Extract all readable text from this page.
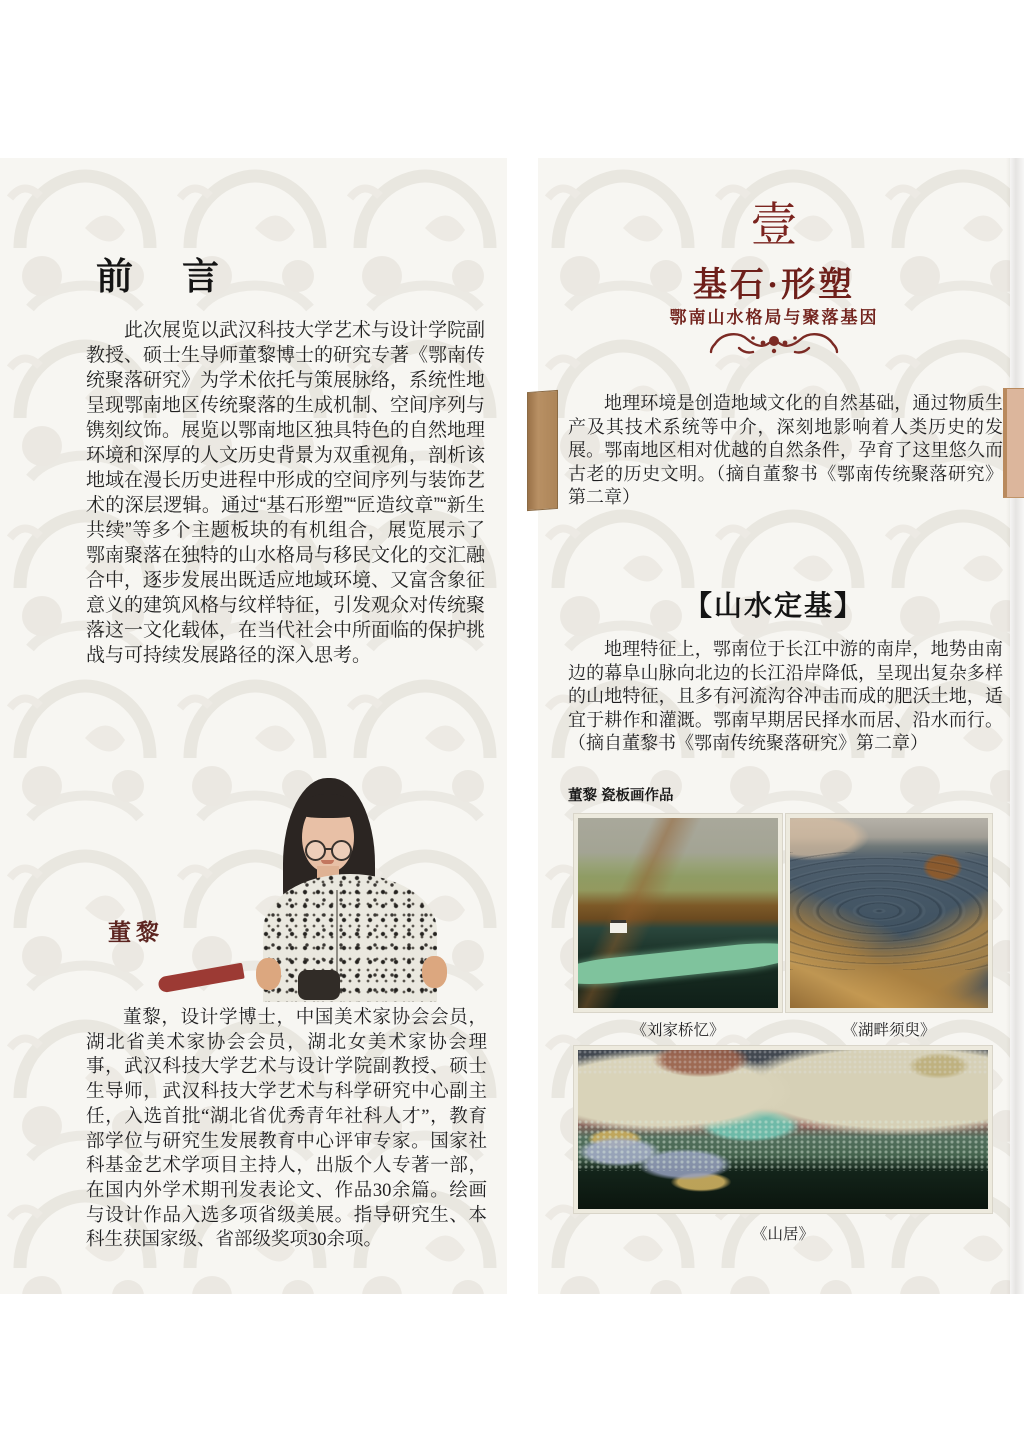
前　言

此次展览以武汉科技大学艺术与设计学院副教授、硕士生导师董黎博士的研究专著《鄂南传统聚落研究》为学术依托与策展脉络，系统性地呈现鄂南地区传统聚落的生成机制、空间序列与镌刻纹饰。展览以鄂南地区独具特色的自然地理环境和深厚的人文历史背景为双重视角，剖析该地域在漫长历史进程中形成的空间序列与装饰艺术的深层逻辑。通过“基石形塑”“匠造纹章”“新生共续”等多个主题板块的有机组合，展览展示了鄂南聚落在独特的山水格局与移民文化的交汇融合中，逐步发展出既适应地域环境、又富含象征意义的建筑风格与纹样特征，引发观众对传统聚落这一文化载体，在当代社会中所面临的保护挑战与可持续发展路径的深入思考。

董黎

董黎，设计学博士，中国美术家协会会员，湖北省美术家协会会员，湖北女美术家协会理事，武汉科技大学艺术与设计学院副教授、硕士生导师，武汉科技大学艺术与科学研究中心副主任，入选首批“湖北省优秀青年社科人才”，教育部学位与研究生发展教育中心评审专家。国家社科基金艺术学项目主持人，出版个人专著一部，在国内外学术期刊发表论文、作品30余篇。绘画与设计作品入选多项省级美展。指导研究生、本科生获国家级、省部级奖项30余项。

壹
基石·形塑
鄂南山水格局与聚落基因

地理环境是创造地域文化的自然基础，通过物质生产及其技术系统等中介，深刻地影响着人类历史的发展。鄂南地区相对优越的自然条件，孕育了这里悠久而古老的历史文明。（摘自董黎书《鄂南传统聚落研究》第二章）

【山水定基】

地理特征上，鄂南位于长江中游的南岸，地势由南边的幕阜山脉向北边的长江沿岸降低，呈现出复杂多样的山地特征，且多有河流沟谷冲击而成的肥沃土地，适宜于耕作和灌溉。鄂南早期居民择水而居、沿水而行。（摘自董黎书《鄂南传统聚落研究》第二章）

董黎 瓷板画作品
《刘家桥忆》	《湖畔须臾》
《山居》
